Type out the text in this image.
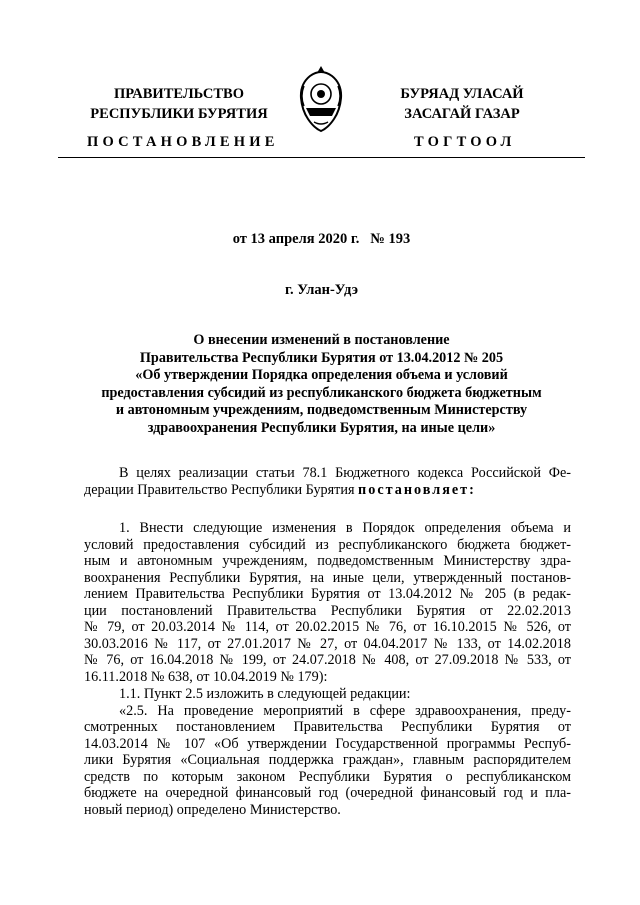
ПРАВИТЕЛЬСТВО
РЕСПУБЛИКИ БУРЯТИЯ
БУРЯАД УЛАСАЙ
ЗАСАГАЙ ГАЗАР
ПОСТАНОВЛЕНИЕ	ТОГТООЛ
от 13 апреля 2020 г.   № 193
г. Улан-Удэ
О внесении изменений в постановление
Правительства Республики Бурятия от 13.04.2012 № 205
«Об утверждении Порядка определения объема и условий
предоставления субсидий из республиканского бюджета бюджетным
и автономным учреждениям, подведомственным Министерству
здравоохранения Республики Бурятия, на иные цели»
В целях реализации статьи 78.1 Бюджетного кодекса Российской Фе-
дерации Правительство Республики Бурятия постановляет:
1. Внести следующие изменения в Порядок определения объема и
условий предоставления субсидий из республиканского бюджета бюджет-
ным и автономным учреждениям, подведомственным Министерству здра-
воохранения Республики Бурятия, на иные цели, утвержденный постанов-
лением Правительства Республики Бурятия от 13.04.2012 № 205 (в редак-
ции постановлений Правительства Республики Бурятия от 22.02.2013
№ 79, от 20.03.2014 № 114, от 20.02.2015 № 76, от 16.10.2015 № 526, от
30.03.2016 № 117, от 27.01.2017 № 27, от 04.04.2017 № 133, от 14.02.2018
№ 76, от 16.04.2018 № 199, от 24.07.2018 № 408, от 27.09.2018 № 533, от
16.11.2018 № 638, от 10.04.2019 № 179):
1.1. Пункт 2.5 изложить в следующей редакции:
«2.5. На проведение мероприятий в сфере здравоохранения, преду-
смотренных постановлением Правительства Республики Бурятия от
14.03.2014 № 107 «Об утверждении Государственной программы Респуб-
лики Бурятия «Социальная поддержка граждан», главным распорядителем
средств по которым законом Республики Бурятия о республиканском
бюджете на очередной финансовый год (очередной финансовый год и пла-
новый период) определено Министерство.
